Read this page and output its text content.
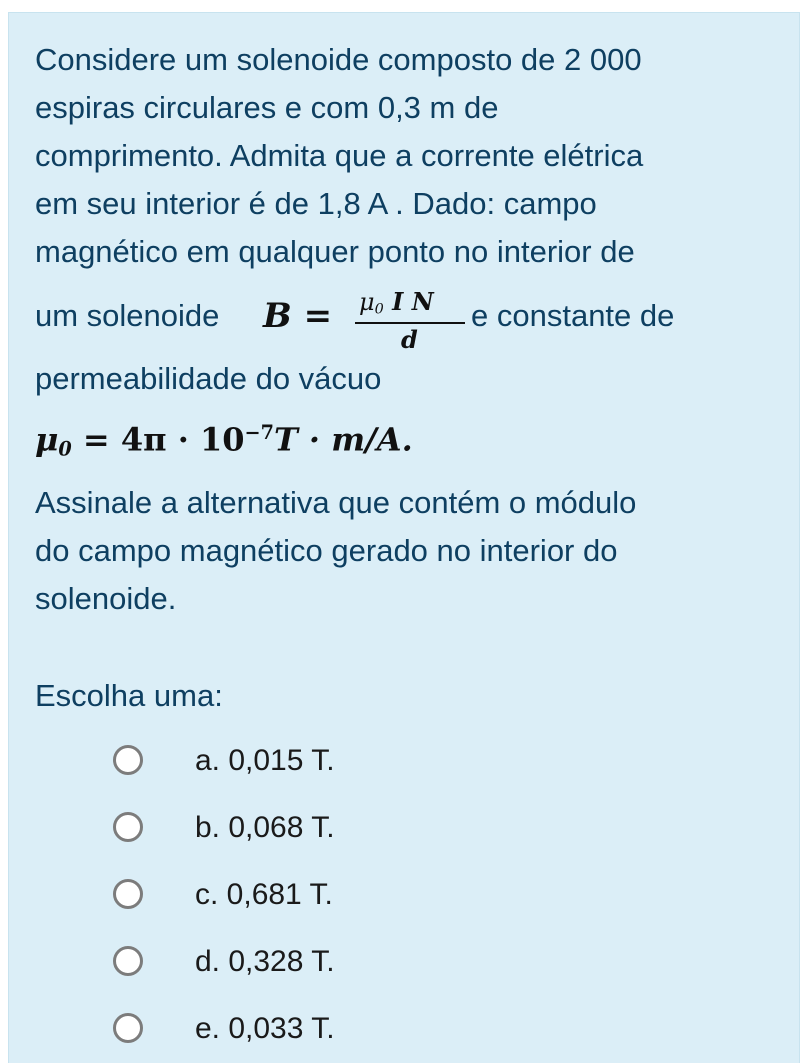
Considere um solenoide composto de 2 000
espiras circulares e com 0,3 m de
comprimento. Admita que a corrente elétrica
em seu interior é de 1,8 A . Dado: campo
magnético em qualquer ponto no interior de
um solenoide $B = \mu_0$ I N
d
e constante de
permeabilidade do vácuo
$\mu_0 = 4\pi \cdot 10^{-7}T \cdot m/A$.
Assinale a alternativa que contém o módulo
do campo magnético gerado no interior do
solenoide.
Escolha uma:
a. 0,015 T.
b. 0,068 T.
c. 0,681 T.
d. 0,328 T.
e. 0,033 T.
